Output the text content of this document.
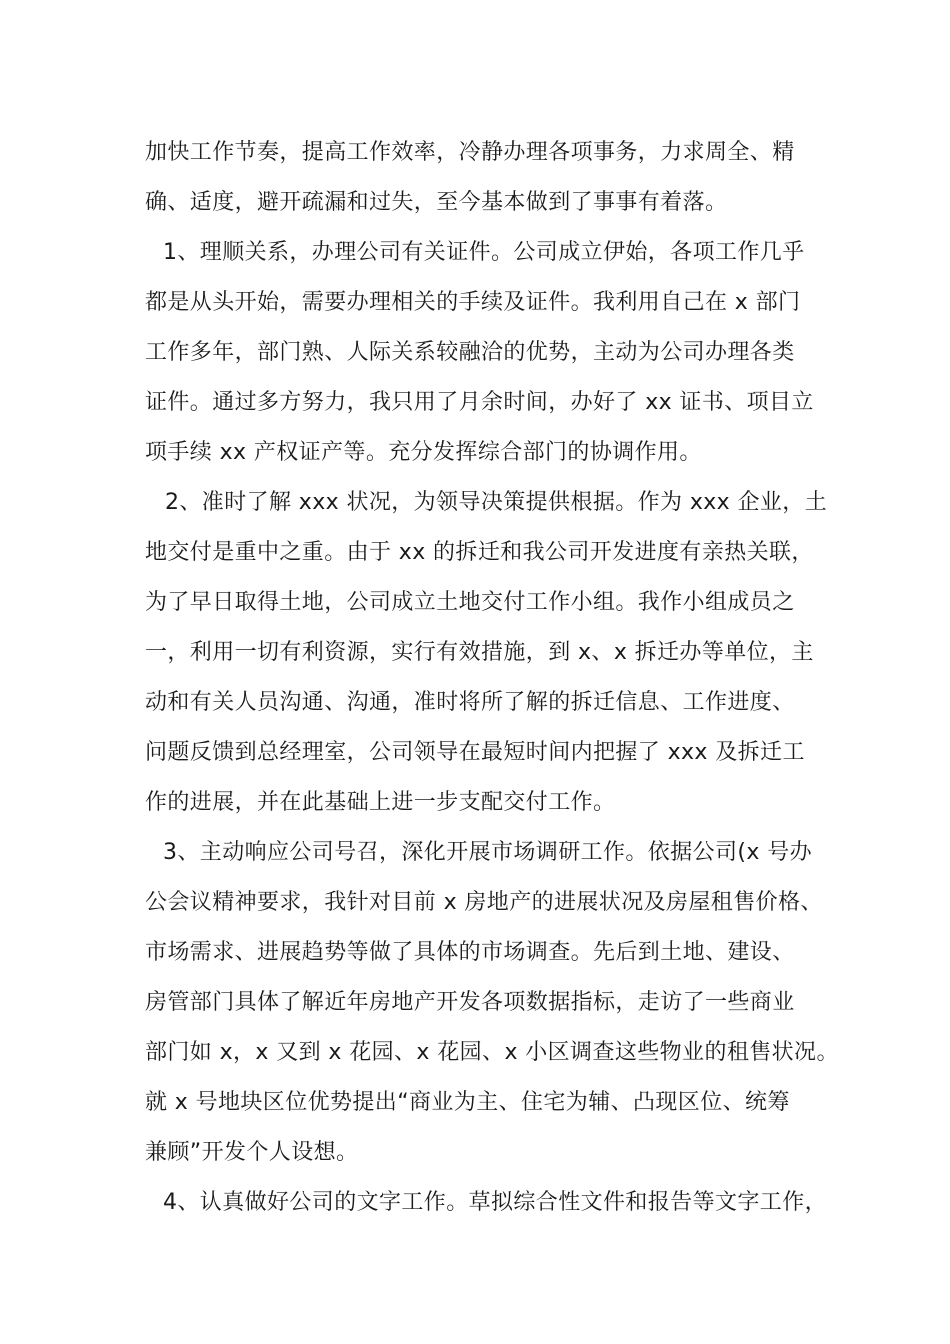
加快工作节奏，提高工作效率，冷静办理各项事务，力求周全、精
确、适度，避开疏漏和过失，至今基本做到了事事有着落。
1、理顺关系，办理公司有关证件。公司成立伊始，各项工作几乎
都是从头开始，需要办理相关的手续及证件。我利用自己在 x 部门
工作多年，部门熟、人际关系较融洽的优势，主动为公司办理各类
证件。通过多方努力，我只用了月余时间，办好了 xx 证书、项目立
项手续 xx 产权证产等。充分发挥综合部门的协调作用。
2、准时了解 xxx 状况，为领导决策提供根据。作为 xxx 企业，土
地交付是重中之重。由于 xx 的拆迁和我公司开发进度有亲热关联，
为了早日取得土地，公司成立土地交付工作小组。我作小组成员之
一，利用一切有利资源，实行有效措施，到 x、x 拆迁办等单位，主
动和有关人员沟通、沟通，准时将所了解的拆迁信息、工作进度、
问题反馈到总经理室，公司领导在最短时间内把握了 xxx 及拆迁工
作的进展，并在此基础上进一步支配交付工作。
3、主动响应公司号召，深化开展市场调研工作。依据公司(x 号办
公会议精神要求，我针对目前 x 房地产的进展状况及房屋租售价格、
市场需求、进展趋势等做了具体的市场调查。先后到土地、建设、
房管部门具体了解近年房地产开发各项数据指标，走访了一些商业
部门如 x，x 又到 x 花园、x 花园、x 小区调查这些物业的租售状况。
就 x 号地块区位优势提出“商业为主、住宅为辅、凸现区位、统筹
兼顾”开发个人设想。
4、认真做好公司的文字工作。草拟综合性文件和报告等文字工作，
